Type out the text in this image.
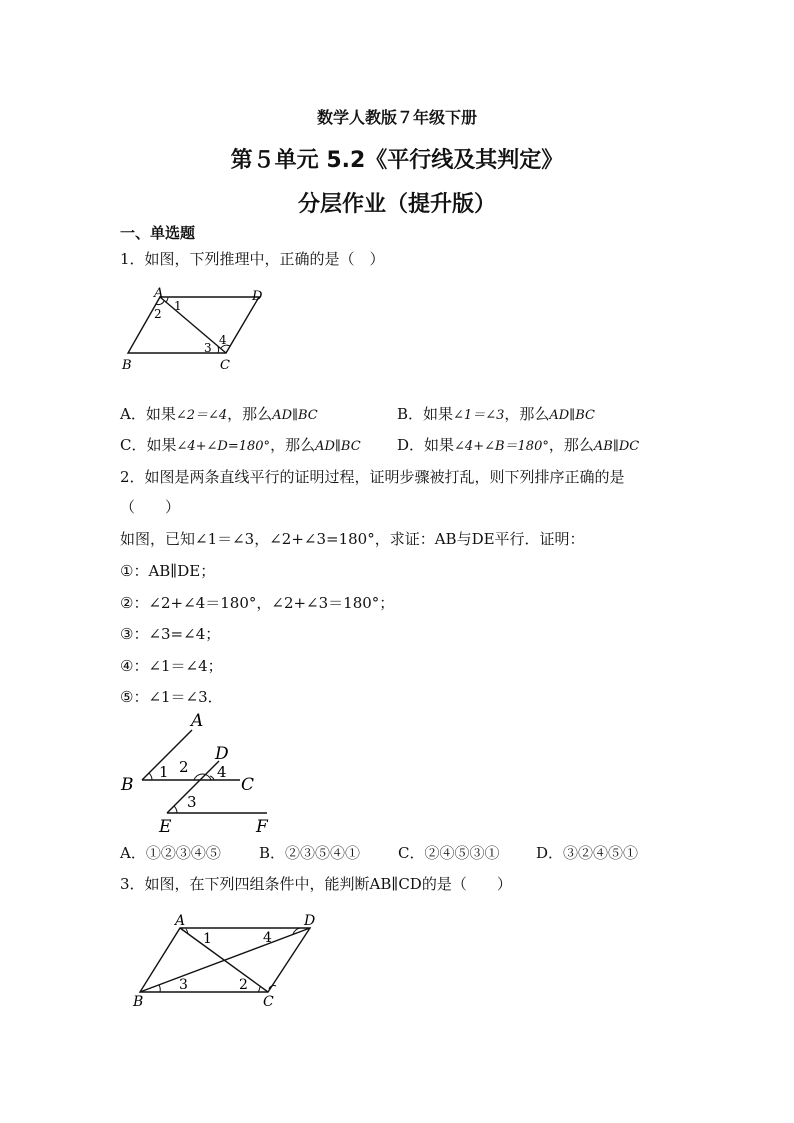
数学人教版７年级下册
第５单元 5.2《平行线及其判定》
分层作业（提升版）
一、单选题
1．如图，下列推理中，正确的是（　）
A	D
B	C
1
2
3
4
A．如果∠2＝∠4，那么AD∥BC	B．如果∠1＝∠3，那么AD∥BC
C．如果∠4+∠D=180°，那么AD∥BC D．如果∠4+∠B＝180°，那么AB∥DC
2．如图是两条直线平行的证明过程，证明步骤被打乱，则下列排序正确的是
（　　）
如图，已知∠1＝∠3，∠2+∠3=180°，求证：AB与DE平行．证明：
①：AB∥DE；
②：∠2+∠4＝180°，∠2+∠3＝180°；
③：∠3=∠4；
④：∠1＝∠4；
⑤：∠1＝∠3．
A
B	C
D
E	F
1 2 4
3
A．①②③④⑤	B．②③⑤④①	C．②④⑤③① D．③②④⑤①
3．如图，在下列四组条件中，能判断AB∥CD的是（　　）
A	D
B	C
1	4
3	2
